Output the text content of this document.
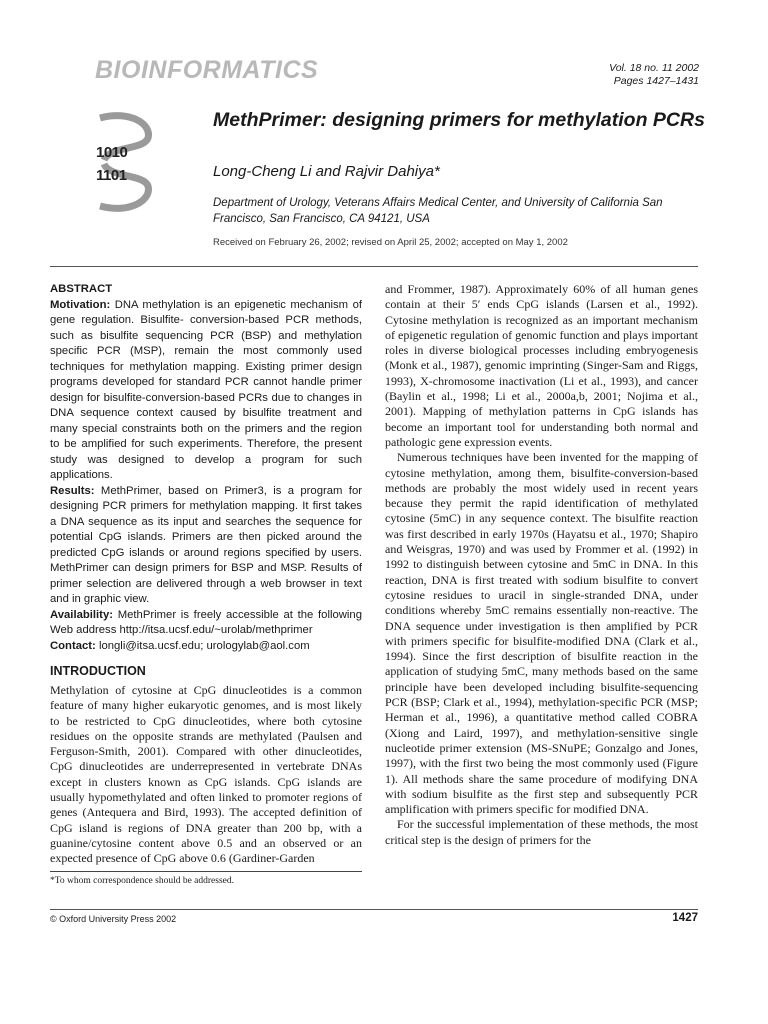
BIOINFORMATICS	Vol. 18 no. 11 2002
Pages 1427–1431
1010
1101
MethPrimer: designing primers for methylation PCRs
Long-Cheng Li and Rajvir Dahiya*
Department of Urology, Veterans Affairs Medical Center, and University of California San Francisco, San Francisco, CA 94121, USA
Received on February 26, 2002; revised on April 25, 2002; accepted on May 1, 2002

ABSTRACT

Motivation: DNA methylation is an epigenetic mechanism of gene regulation. Bisulfite- conversion-based PCR methods, such as bisulfite sequencing PCR (BSP) and methylation specific PCR (MSP), remain the most commonly used techniques for methylation mapping. Existing primer design programs developed for standard PCR cannot handle primer design for bisulfite-conversion-based PCRs due to changes in DNA sequence context caused by bisulfite treatment and many special constraints both on the primers and the region to be amplified for such experiments. Therefore, the present study was designed to develop a program for such applications.

Results: MethPrimer, based on Primer3, is a program for designing PCR primers for methylation mapping. It first takes a DNA sequence as its input and searches the sequence for potential CpG islands. Primers are then picked around the predicted CpG islands or around regions specified by users. MethPrimer can design primers for BSP and MSP. Results of primer selection are delivered through a web browser in text and in graphic view.

Availability: MethPrimer is freely accessible at the following Web address http://itsa.ucsf.edu/~urolab/methprimer

Contact: longli@itsa.ucsf.edu; urologylab@aol.com

INTRODUCTION

Methylation of cytosine at CpG dinucleotides is a common feature of many higher eukaryotic genomes, and is most likely to be restricted to CpG dinucleotides, where both cytosine residues on the opposite strands are methylated (Paulsen and Ferguson-Smith, 2001). Compared with other dinucleotides, CpG dinucleotides are underrepresented in vertebrate DNAs except in clusters known as CpG islands. CpG islands are usually hypomethylated and often linked to promoter regions of genes (Antequera and Bird, 1993). The accepted definition of CpG island is regions of DNA greater than 200 bp, with a guanine/cytosine content above 0.5 and an observed or an expected presence of CpG above 0.6 (Gardiner-Garden

and Frommer, 1987). Approximately 60% of all human genes contain at their 5′ ends CpG islands (Larsen et al., 1992). Cytosine methylation is recognized as an important mechanism of epigenetic regulation of genomic function and plays important roles in diverse biological processes including embryogenesis (Monk et al., 1987), genomic imprinting (Singer-Sam and Riggs, 1993), X-chromosome inactivation (Li et al., 1993), and cancer (Baylin et al., 1998; Li et al., 2000a,b, 2001; Nojima et al., 2001). Mapping of methylation patterns in CpG islands has become an important tool for understanding both normal and pathologic gene expression events.

Numerous techniques have been invented for the mapping of cytosine methylation, among them, bisulfite-conversion-based methods are probably the most widely used in recent years because they permit the rapid identification of methylated cytosine (5mC) in any sequence context. The bisulfite reaction was first described in early 1970s (Hayatsu et al., 1970; Shapiro and Weisgras, 1970) and was used by Frommer et al. (1992) in 1992 to distinguish between cytosine and 5mC in DNA. In this reaction, DNA is first treated with sodium bisulfite to convert cytosine residues to uracil in single-stranded DNA, under conditions whereby 5mC remains essentially non-reactive. The DNA sequence under investigation is then amplified by PCR with primers specific for bisulfite-modified DNA (Clark et al., 1994). Since the first description of bisulfite reaction in the application of studying 5mC, many methods based on the same principle have been developed including bisulfite-sequencing PCR (BSP; Clark et al., 1994), methylation-specific PCR (MSP; Herman et al., 1996), a quantitative method called COBRA (Xiong and Laird, 1997), and methylation-sensitive single nucleotide primer extension (MS-SNuPE; Gonzalgo and Jones, 1997), with the first two being the most commonly used (Figure 1). All methods share the same procedure of modifying DNA with sodium bisulfite as the first step and subsequently PCR amplification with primers specific for modified DNA.

For the successful implementation of these methods, the most critical step is the design of primers for the

*To whom correspondence should be addressed.
© Oxford University Press 2002	1427
